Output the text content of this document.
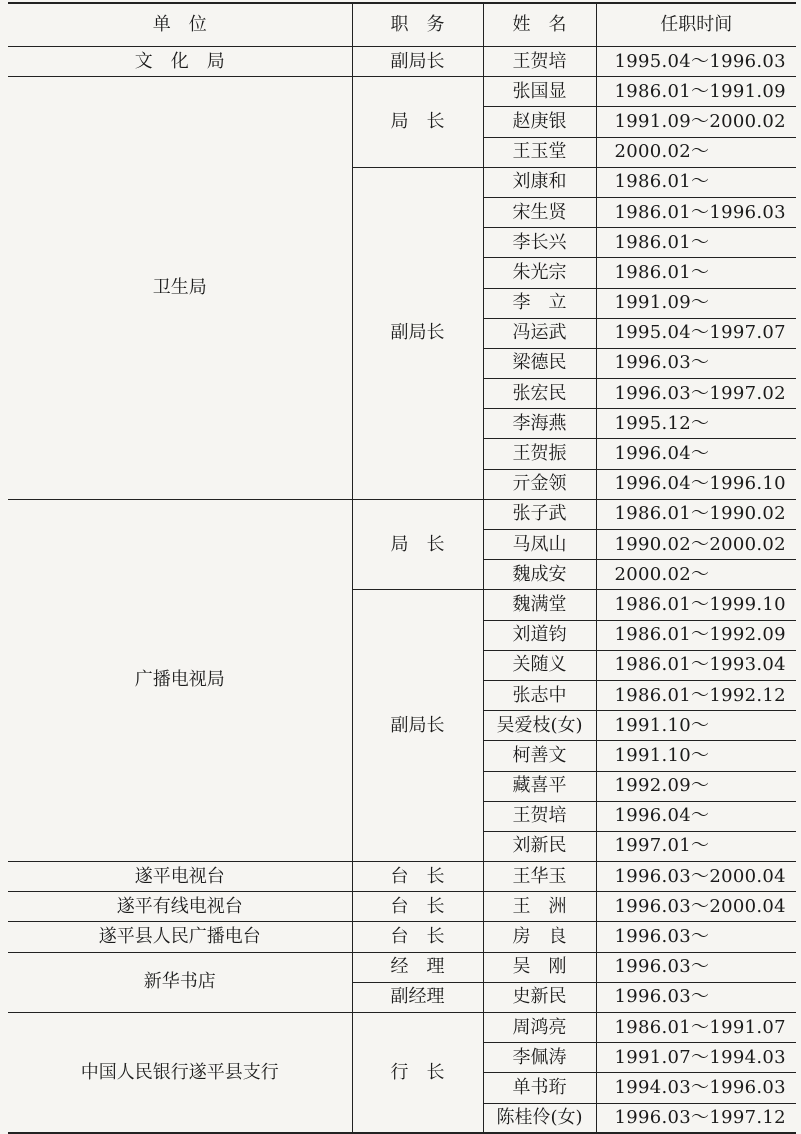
单　位	职　务	姓　名	任职时间
文　化　局	副局长	王贺培	1995.04～1996.03
卫生局	局　长	张国显	1986.01～1991.09
		赵庚银	1991.09～2000.02
		王玉堂	2000.02～
	副局长	刘康和	1986.01～
		宋生贤	1986.01～1996.03
		李长兴	1986.01～
		朱光宗	1986.01～
		李　立	1991.09～
		冯运武	1995.04～1997.07
		梁德民	1996.03～
		张宏民	1996.03～1997.02
		李海燕	1995.12～
		王贺振	1996.04～
		亓金领	1996.04～1996.10
广播电视局	局　长	张子武	1986.01～1990.02
		马凤山	1990.02～2000.02
		魏成安	2000.02～
	副局长	魏满堂	1986.01～1999.10
		刘道钧	1986.01～1992.09
		关随义	1986.01～1993.04
		张志中	1986.01～1992.12
		吴爱枝(女)	1991.10～
		柯善文	1991.10～
		藏喜平	1992.09～
		王贺培	1996.04～
		刘新民	1997.01～
遂平电视台	台　长	王华玉	1996.03～2000.04
遂平有线电视台	台　长	王　洲	1996.03～2000.04
遂平县人民广播电台	台　长	房　良	1996.03～
新华书店	经　理	吴　刚	1996.03～
	副经理	史新民	1996.03～
中国人民银行遂平县支行	行　长	周鸿亮	1986.01～1991.07
		李佩涛	1991.07～1994.03
		单书珩	1994.03～1996.03
		陈桂伶(女)	1996.03～1997.12
